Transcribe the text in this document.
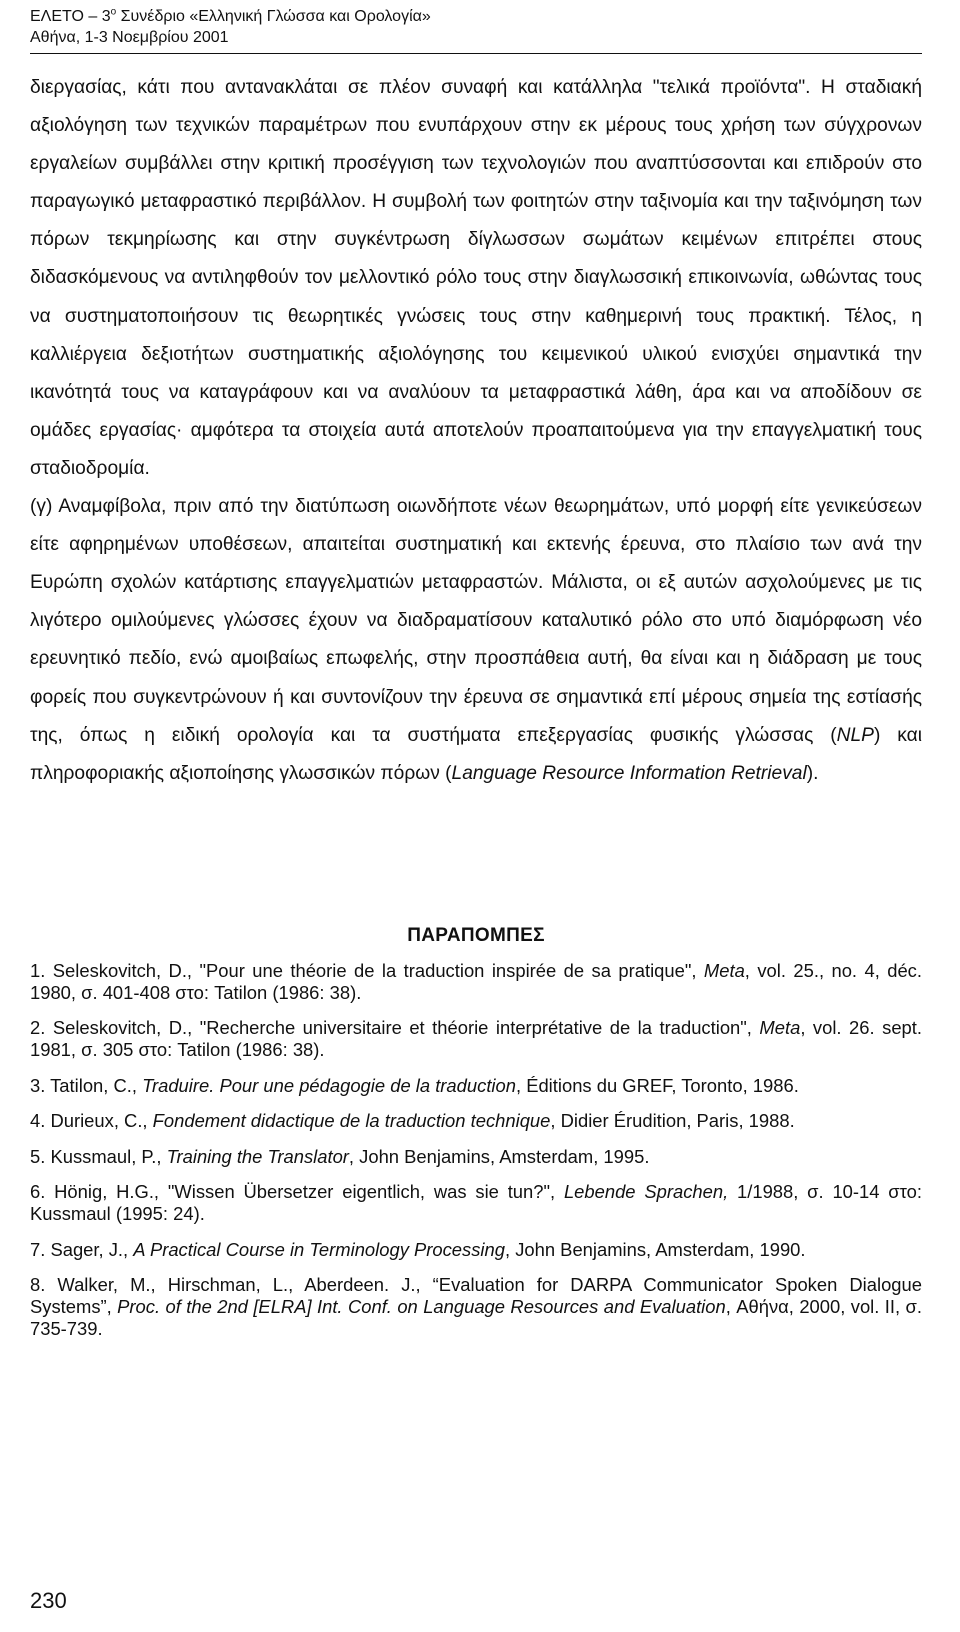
ΕΛΕΤΟ – $3^o$ Συνέδριο «Ελληνική Γλώσσα και Ορολογία»
Αθήνα, 1-3 Νοεμβρίου 2001

διεργασίας, κάτι που αντανακλάται σε πλέον συναφή και κατάλληλα "τελικά προϊόντα". Η σταδιακή αξιολόγηση των τεχνικών παραμέτρων που ενυπάρχουν στην εκ μέρους τους χρήση των σύγχρονων εργαλείων συμβάλλει στην κριτική προσέγγιση των τεχνολογιών που αναπτύσσονται και επιδρούν στο παραγωγικό μεταφραστικό περιβάλλον. Η συμβολή των φοιτητών στην ταξινομία και την ταξινόμηση των πόρων τεκμηρίωσης και στην συγκέντρωση δίγλωσσων σωμάτων κειμένων επιτρέπει στους διδασκόμενους να αντιληφθούν τον μελλοντικό ρόλο τους στην διαγλωσσική επικοινωνία, ωθώντας τους να συστηματοποιήσουν τις θεωρητικές γνώσεις τους στην καθημερινή τους πρακτική. Τέλος, η καλλιέργεια δεξιοτήτων συστηματικής αξιολόγησης του κειμενικού υλικού ενισχύει σημαντικά την ικανότητά τους να καταγράφουν και να αναλύουν τα μεταφραστικά λάθη, άρα και να αποδίδουν σε ομάδες εργασίας· αμφότερα τα στοιχεία αυτά αποτελούν προαπαιτούμενα για την επαγγελματική τους σταδιοδρομία.

(γ) Αναμφίβολα, πριν από την διατύπωση οιωνδήποτε νέων θεωρημάτων, υπό μορφή είτε γενικεύσεων είτε αφηρημένων υποθέσεων, απαιτείται συστηματική και εκτενής έρευνα, στο πλαίσιο των ανά την Ευρώπη σχολών κατάρτισης επαγγελματιών μεταφραστών. Μάλιστα, οι εξ αυτών ασχολούμενες με τις λιγότερο ομιλούμενες γλώσσες έχουν να διαδραματίσουν καταλυτικό ρόλο στο υπό διαμόρφωση νέο ερευνητικό πεδίο, ενώ αμοιβαίως επωφελής, στην προσπάθεια αυτή, θα είναι και η διάδραση με τους φορείς που συγκεντρώνουν ή και συντονίζουν την έρευνα σε σημαντικά επί μέρους σημεία της εστίασής της, όπως η ειδική ορολογία και τα συστήματα επεξεργασίας φυσικής γλώσσας (NLP) και πληροφοριακής αξιοποίησης γλωσσικών πόρων (Language Resource Information Retrieval).

ΠΑΡΑΠΟΜΠΕΣ

1. Seleskovitch, D., "Pour une théorie de la traduction inspirée de sa pratique", Meta, vol. 25., no. 4, déc. 1980, σ. 401-408 στο: Tatilon (1986: 38).

2. Seleskovitch, D., "Recherche universitaire et théorie interprétative de la traduction", Meta, vol. 26. sept. 1981, σ. 305 στο: Tatilon (1986: 38).

3. Tatilon, C., Traduire. Pour une pédagogie de la traduction, Éditions du GREF, Toronto, 1986.

4. Durieux, C., Fondement didactique de la traduction technique, Didier Érudition, Paris, 1988.

5. Kussmaul, P., Training the Translator, John Benjamins, Amsterdam, 1995.

6. Hönig, H.G., "Wissen Übersetzer eigentlich, was sie tun?", Lebende Sprachen, 1/1988, σ. 10-14 στο: Kussmaul (1995: 24).

7. Sager, J., A Practical Course in Terminology Processing, John Benjamins, Amsterdam, 1990.

8. Walker, M., Hirschman, L., Aberdeen. J., “Evaluation for DARPA Communicator Spoken Dialogue Systems”, Proc. of the 2nd [ELRA] Int. Conf. on Language Resources and Evaluation, Αθήνα, 2000, vol. II, σ. 735-739.

230
